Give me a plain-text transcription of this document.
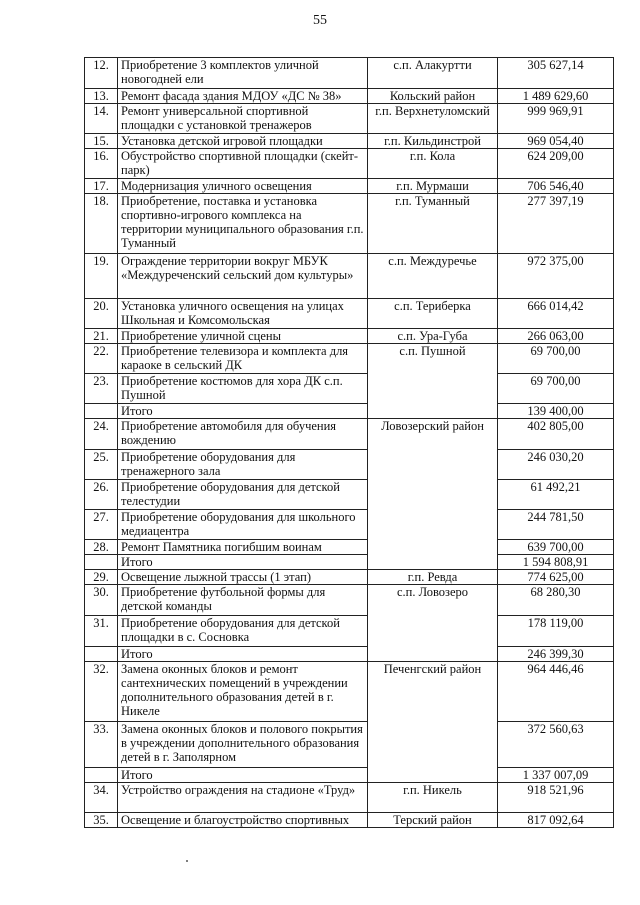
55
12.	Приобретение 3 комплектов уличной новогодней ели	с.п. Алакуртти	305 627,14
13.	Ремонт фасада здания МДОУ «ДС № 38»	Кольский район	1 489 629,60
14.	Ремонт универсальной спортивной площадки с установкой тренажеров	г.п. Верхнетуломский	999 969,91
15.	Установка детской игровой площадки	г.п. Кильдинстрой	969 054,40
16.	Обустройство спортивной площадки (скейт-парк)	г.п. Кола	624 209,00
17.	Модернизация уличного освещения	г.п. Мурмаши	706 546,40
18.	Приобретение, поставка и установка спортивно-игрового комплекса на территории муниципального образования г.п. Туманный	г.п. Туманный	277 397,19
19.	Ограждение территории вокруг МБУК «Междуреченский сельский дом культуры»	с.п. Междуречье	972 375,00
20.	Установка уличного освещения на улицах Школьная и Комсомольская	с.п. Териберка	666 014,42
21.	Приобретение уличной сцены	с.п. Ура-Губа	266 063,00
22.	Приобретение телевизора и комплекта для караоке в сельский ДК	с.п. Пушной	69 700,00
23.	Приобретение костюмов для хора ДК с.п. Пушной		69 700,00
	Итого		139 400,00
24.	Приобретение автомобиля для обучения вождению	Ловозерский район	402 805,00
25.	Приобретение оборудования для тренажерного зала		246 030,20
26.	Приобретение оборудования для детской телестудии		61 492,21
27.	Приобретение оборудования для школьного медиацентра		244 781,50
28.	Ремонт Памятника погибшим воинам		639 700,00
	Итого		1 594 808,91
29.	Освещение лыжной трассы (1 этап)	г.п. Ревда	774 625,00
30.	Приобретение футбольной формы для детской команды	с.п. Ловозеро	68 280,30
31.	Приобретение оборудования для детской площадки в с. Сосновка		178 119,00
	Итого		246 399,30
32.	Замена оконных блоков и ремонт сантехнических помещений в учреждении дополнительного образования детей в г. Никеле	Печенгский район	964 446,46
33.	Замена оконных блоков и полового покрытия в учреждении дополнительного образования детей в г. Заполярном		372 560,63
	Итого		1 337 007,09
34.	Устройство ограждения на стадионе «Труд»	г.п. Никель	918 521,96
35.	Освещение и благоустройство спортивных	Терский район	817 092,64
